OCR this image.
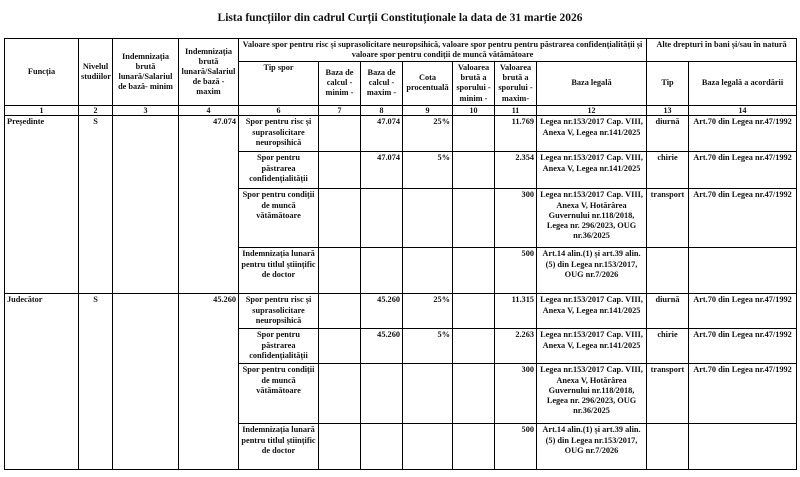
Lista funcțiilor din cadrul Curții Constituționale la data de 31 martie 2026
Funcția	Nivelul studiilor	Indemnizația brută lunară/Salariul de bază- minim	Indemnizația brută lunară/Salariul de bază -maxim	Valoare spor pentru risc și suprasolicitare neuropsihică, valoare spor pentru pentru păstrarea confidențialității și valoare spor pentru condiții de muncă vătămătoare							Alte drepturi în bani și/sau în natură	
				Tip spor	Baza de calcul - minim -	Baza de calcul - maxim -	Cota procentuală	Valoarea brută a sporului - minim -	Valoarea brută a sporului - maxim-	Baza legală	Tip	Baza legală a acordării
1	2	3	4	6	7	8	9	10	11	12	13	14
Președinte	S		47.074	Spor pentru risc și suprasolicitare neuropsihică		47.074	25%		11.769	Legea nr.153/2017 Cap. VIII, Anexa V, Legea nr.141/2025	diurnă	Art.70 din Legea nr.47/1992
				Spor pentru păstrarea confidențialității		47.074	5%		2.354	Legea nr.153/2017 Cap. VIII, Anexa V, Legea nr.141/2025	chirie	Art.70 din Legea nr.47/1992
				Spor pentru condiții de muncă vătămătoare					300	Legea nr.153/2017 Cap. VIII, Anexa V, Hotărârea Guvernului nr.118/2018, Legea nr. 296/2023, OUG nr.36/2025	transport	Art.70 din Legea nr.47/1992
				Indemnizația lunară pentru titlul științific de doctor					500	Art.14 alin.(1) și art.39 alin.(5) din Legea nr.153/2017, OUG nr.7/2026		
Judecător	S		45.260	Spor pentru risc și suprasolicitare neuropsihică		45.260	25%		11.315	Legea nr.153/2017 Cap. VIII, Anexa V, Legea nr.141/2025	diurnă	Art.70 din Legea nr.47/1992
				Spor pentru păstrarea confidențialității		45.260	5%		2.263	Legea nr.153/2017 Cap. VIII, Anexa V, Legea nr.141/2025	chirie	Art.70 din Legea nr.47/1992
				Spor pentru condiții de muncă vătămătoare					300	Legea nr.153/2017 Cap. VIII, Anexa V, Hotărârea Guvernului nr.118/2018, Legea nr. 296/2023, OUG nr.36/2025	transport	Art.70 din Legea nr.47/1992
				Indemnizația lunară pentru titlul științific de doctor					500	Art.14 alin.(1) și art.39 alin.(5) din Legea nr.153/2017, OUG nr.7/2026		
